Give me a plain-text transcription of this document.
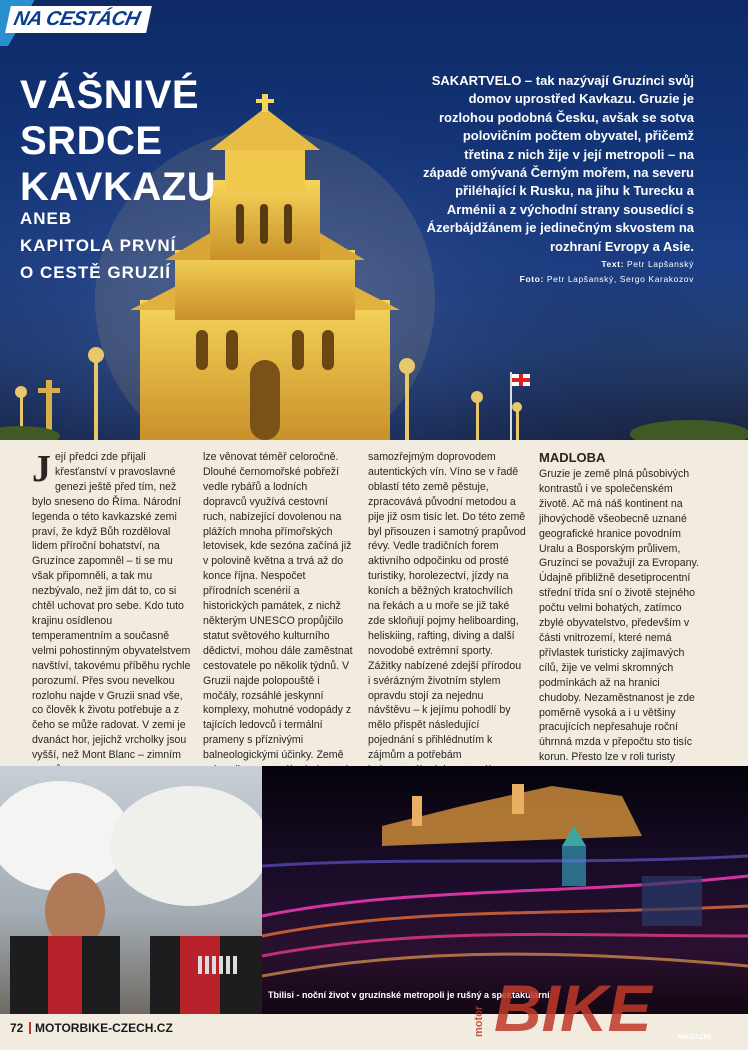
NA CESTÁCH
VÁŠNIVÉ
SRDCE
KAVKAZU
ANEB
KAPITOLA PRVNÍ
O CESTĚ GRUZIÍ
SAKARTVELO – tak nazývají Gruzínci svůj domov uprostřed Kavkazu. Gruzie je rozlohou podobná Česku, avšak se sotva polovičním počtem obyvatel, přičemž třetina z nich žije v její metropoli – na západě omývaná Černým mořem, na severu přiléhající k Rusku, na jihu k Turecku a Arménii a z východní strany sousedící s Ázerbájdžánem je jedinečným skvostem na rozhraní Evropy a Asie.
Text: Petr Lapšanský
Foto: Petr Lapšanský, Sergo Karakozov
Její předci zde přijali křesťanství v pravoslavné genezi ještě před tím, než bylo sneseno do Říma. Národní legenda o této kavkazské zemi praví, že když Bůh rozděloval lidem příroční bohatství, na Gruzínce zapomněl – ti se mu však připomněli, a tak mu nezbývalo, než jim dát to, co si chtěl uchovat pro sebe. Kdo tuto krajinu osídlenou temperamentním a současně velmi pohostinným obyvatelstvem navštíví, takovému příběhu rychle porozumí. Přes svou nevelkou rozlohu najde v Gruzii snad vše, co člověk k životu potřebuje a z čeho se může radovat. V zemi je dvanáct hor, jejichž vrcholky jsou vyšší, než Mont Blanc – zimním
lze věnovat téměř celoročně. Dlouhé černomořské pobřeží vedle rybářů a lodních dopravců využívá cestovní ruch, nabízející dovolenou na plážích mnoha přímořských letovisek, kde sezóna začíná již v polovině května a trvá až do konce října. Nespočet přírodních scenérií a historických památek, z nichž některým UNESCO propůjčilo statut světového kulturního dědictví, mohou dále zaměstnat cestovatele po několik týdnů. V Gruzii najde polopouště i močály, rozsáhlé jeskynní komplexy, mohutné vodopády z tajících ledovců i termální prameny s příznivými balneologickými účinky. Země
samozřejmým doprovodem autentických vín. Víno se v řadě oblastí této země pěstuje, zpracovává původní metodou a pije již osm tisíc let. Do této země byl přisouzen i samotný prapůvod révy. Vedle tradičních forem aktivního odpočinku od prosté turistiky, horolezectví, jízdy na koních a běžných kratochvílích na řekách a u moře se již také zde skloňují pojmy heliboarding, heliskiing, rafting, diving a další novodobé extrémní sporty. Zážitky nabízené zdejší přírodou i svérázným životním stylem opravdu stojí za nejednu návštěvu – k jejímu pohodlí by mělo přispět následující pojednání s přihlédnutím k zájmům a potřebám
MADLOBA
Gruzie je země plná působivých kontrastů i ve společenském životě. Ač má náš kontinent na jihovýchodě všeobecně uznané geografické hranice povodním Uralu a Bosporským průlivem, Gruzínci se považují za Evropany. Údajně přibližně desetiprocentní střední třída sní o životě stejného počtu velmi bohatých, zatímco zbylé obyvatelstvo, především v části vnitrozemí, které nemá přívlastek turisticky zajímavých cílů, žije ve velmi skromných podmínkách až na hranici chudoby. Nezaměstnanost je zde poměrně vysoká a i u většiny pracujících nepřesahuje roční úhrnná mzda v přepočtu sto tisíc korun. Přesto lze v roli turisty
Tbilisi - noční život v gruzínské metropoli je rušný a spektakulární
72 MOTORBIKE-CZECH.CZ	motor BIKE	MAGAZÍN
